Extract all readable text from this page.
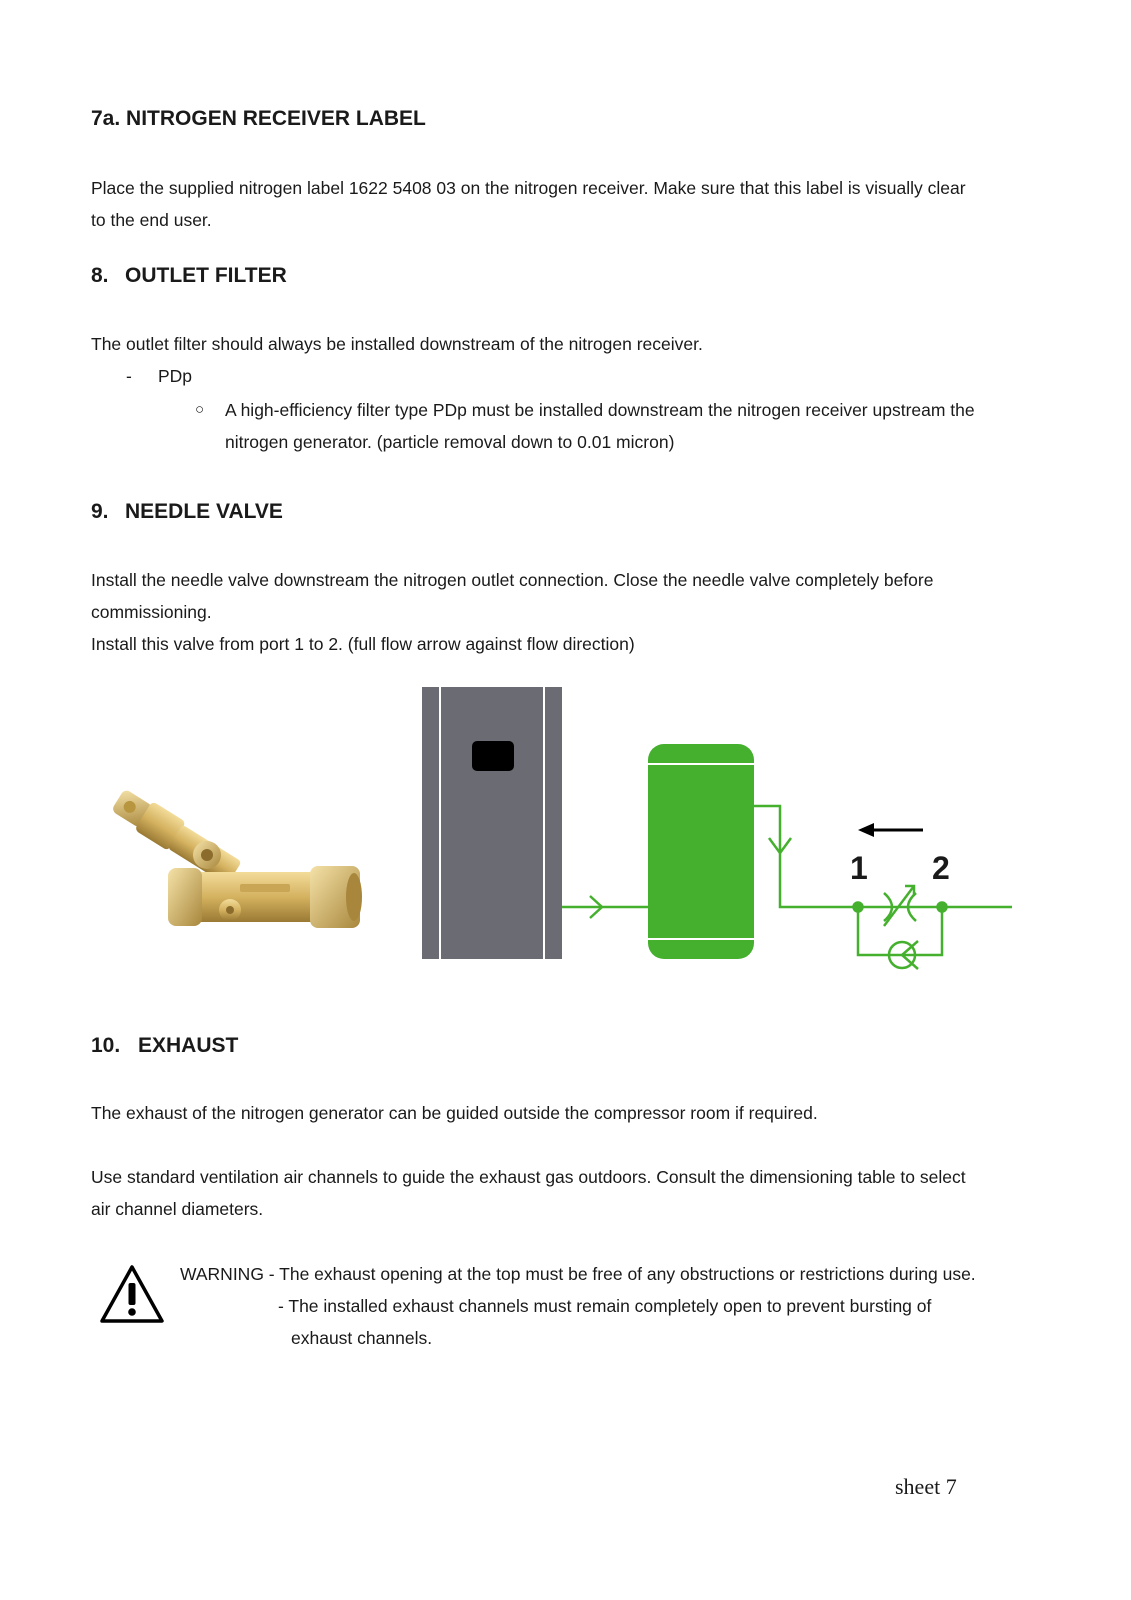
7a. NITROGEN RECEIVER LABEL

Place the supplied nitrogen label 1622 5408 03 on the nitrogen receiver. Make sure that this label is visually clear

to the end user.

8. OUTLET FILTER

The outlet filter should always be installed downstream of the nitrogen receiver.

-	PDp

○ A high-efficiency filter type PDp must be installed downstream the nitrogen receiver upstream the

nitrogen generator. (particle removal down to 0.01 micron)

9. NEEDLE VALVE

Install the needle valve downstream the nitrogen outlet connection. Close the needle valve completely before

commissioning.

Install this valve from port 1 to 2. (full flow arrow against flow direction)

1 2
10. EXHAUST

The exhaust of the nitrogen generator can be guided outside the compressor room if required.

Use standard ventilation air channels to guide the exhaust gas outdoors. Consult the dimensioning table to select

air channel diameters.

WARNING - The exhaust opening at the top must be free of any obstructions or restrictions during use.

- The installed exhaust channels must remain completely open to prevent bursting of

exhaust channels.

sheet 7
